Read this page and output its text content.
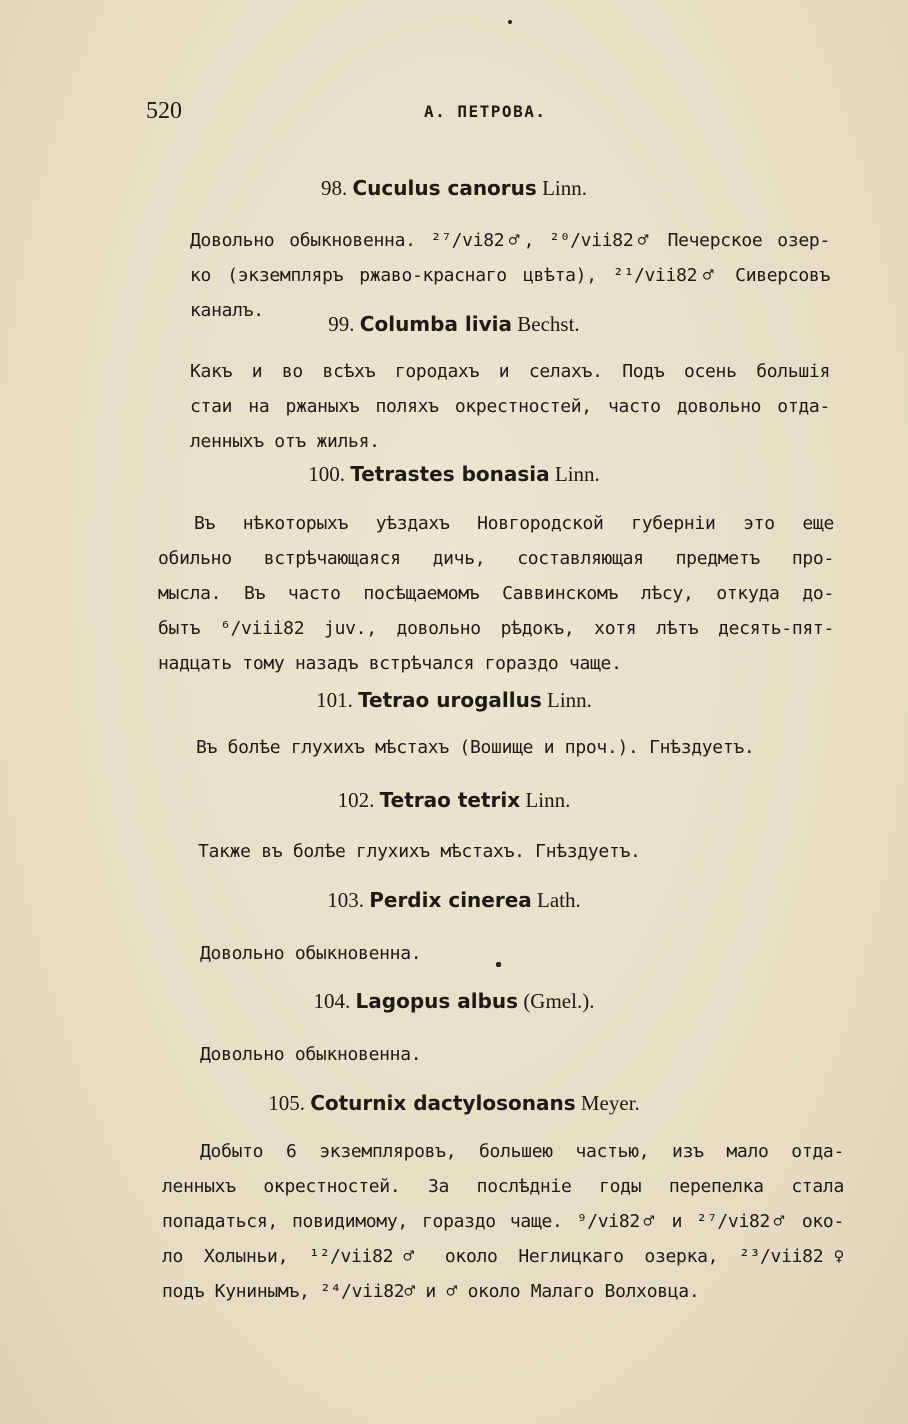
520	А. ПЕТРОВА.
98. Cuculus canorus Linn.
Довольно обыкновенна. ²⁷/vi82♂, ²⁰/vii82♂ Печерское озер-
ко (экземпляръ ржаво-краснаго цвѣта), ²¹/vii82♂ Сиверсовъ
каналъ.
99. Columba livia Bechst.
Какъ и во всѣхъ городахъ и селахъ. Подъ осень большія
стаи на ржаныхъ поляхъ окрестностей, часто довольно отда-
ленныхъ отъ жилья.
100. Tetrastes bonasia Linn.
Въ нѣкоторыхъ уѣздахъ Новгородской губерніи это еще
обильно встрѣчающаяся дичь, составляющая предметъ про-
мысла. Въ часто посѣщаемомъ Саввинскомъ лѣсу, откуда до-
бытъ ⁶/viii82 juv., довольно рѣдокъ, хотя лѣтъ десять-пят-
надцать тому назадъ встрѣчался гораздо чаще.
101. Tetrao urogallus Linn.
Въ болѣе глухихъ мѣстахъ (Вошище и проч.). Гнѣздуетъ.
102. Tetrao tetrix Linn.
Также въ болѣе глухихъ мѣстахъ. Гнѣздуетъ.
103. Perdix cinerea Lath.
Довольно обыкновенна.
104. Lagopus albus (Gmel.).
Довольно обыкновенна.
105. Coturnix dactylosonans Meyer.
Добыто 6 экземпляровъ, большею частью, изъ мало отда-
ленныхъ окрестностей. За послѣдніе годы перепелка стала
попадаться, повидимому, гораздо чаще. ⁹/vi82♂ и ²⁷/vi82♂ око-
ло Холыньи, ¹²/vii82♂ около Неглицкаго озерка, ²³/vii82♀
подъ Кунинымъ, ²⁴/vii82♂ и ♂ около Малаго Волховца.
